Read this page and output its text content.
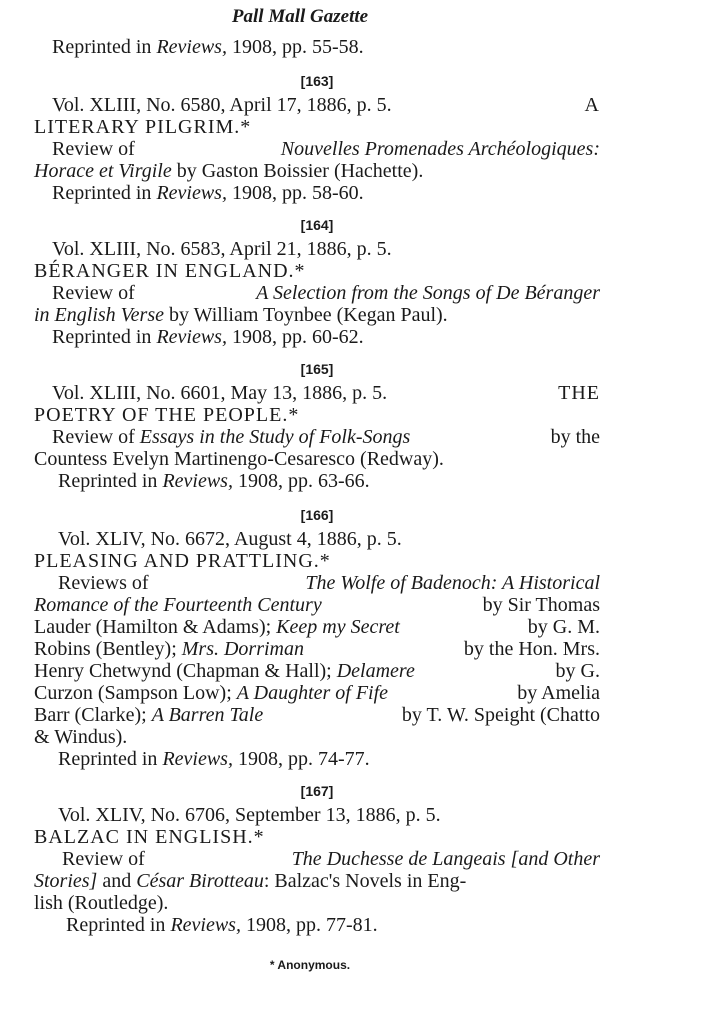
Pall Mall Gazette
Reprinted in Reviews, 1908, pp. 55-58.
[163]
Vol. XLIII, No. 6580, April 17, 1886, p. 5.	A
LITERARY PILGRIM.*
Review of	Nouvelles Promenades Archéologiques:
Horace et Virgile by Gaston Boissier (Hachette).
Reprinted in Reviews, 1908, pp. 58-60.
[164]
Vol. XLIII, No. 6583, April 21, 1886, p. 5.
BÉRANGER IN ENGLAND.*
Review of	A Selection from the Songs of De Béranger
in English Verse by William Toynbee (Kegan Paul).
Reprinted in Reviews, 1908, pp. 60-62.
[165]
Vol. XLIII, No. 6601, May 13, 1886, p. 5.	THE
POETRY OF THE PEOPLE.*
Review of Essays in the Study of Folk-Songs	by the
Countess Evelyn Martinengo-Cesaresco (Redway).
Reprinted in Reviews, 1908, pp. 63-66.
[166]
Vol. XLIV, No. 6672, August 4, 1886, p. 5.
PLEASING AND PRATTLING.*
Reviews of	The Wolfe of Badenoch: A Historical
Romance of the Fourteenth Century	by Sir Thomas
Lauder (Hamilton & Adams); Keep my Secret	by G. M.
Robins (Bentley); Mrs. Dorriman	by the Hon. Mrs.
Henry Chetwynd (Chapman & Hall); Delamere	by G.
Curzon (Sampson Low); A Daughter of Fife	by Amelia
Barr (Clarke); A Barren Tale	by T. W. Speight (Chatto
& Windus).
Reprinted in Reviews, 1908, pp. 74-77.
[167]
Vol. XLIV, No. 6706, September 13, 1886, p. 5.
BALZAC IN ENGLISH.*
Review of	The Duchesse de Langeais [and Other
Stories] and César Birotteau: Balzac's Novels in Eng-
lish (Routledge).
Reprinted in Reviews, 1908, pp. 77-81.
* Anonymous.
